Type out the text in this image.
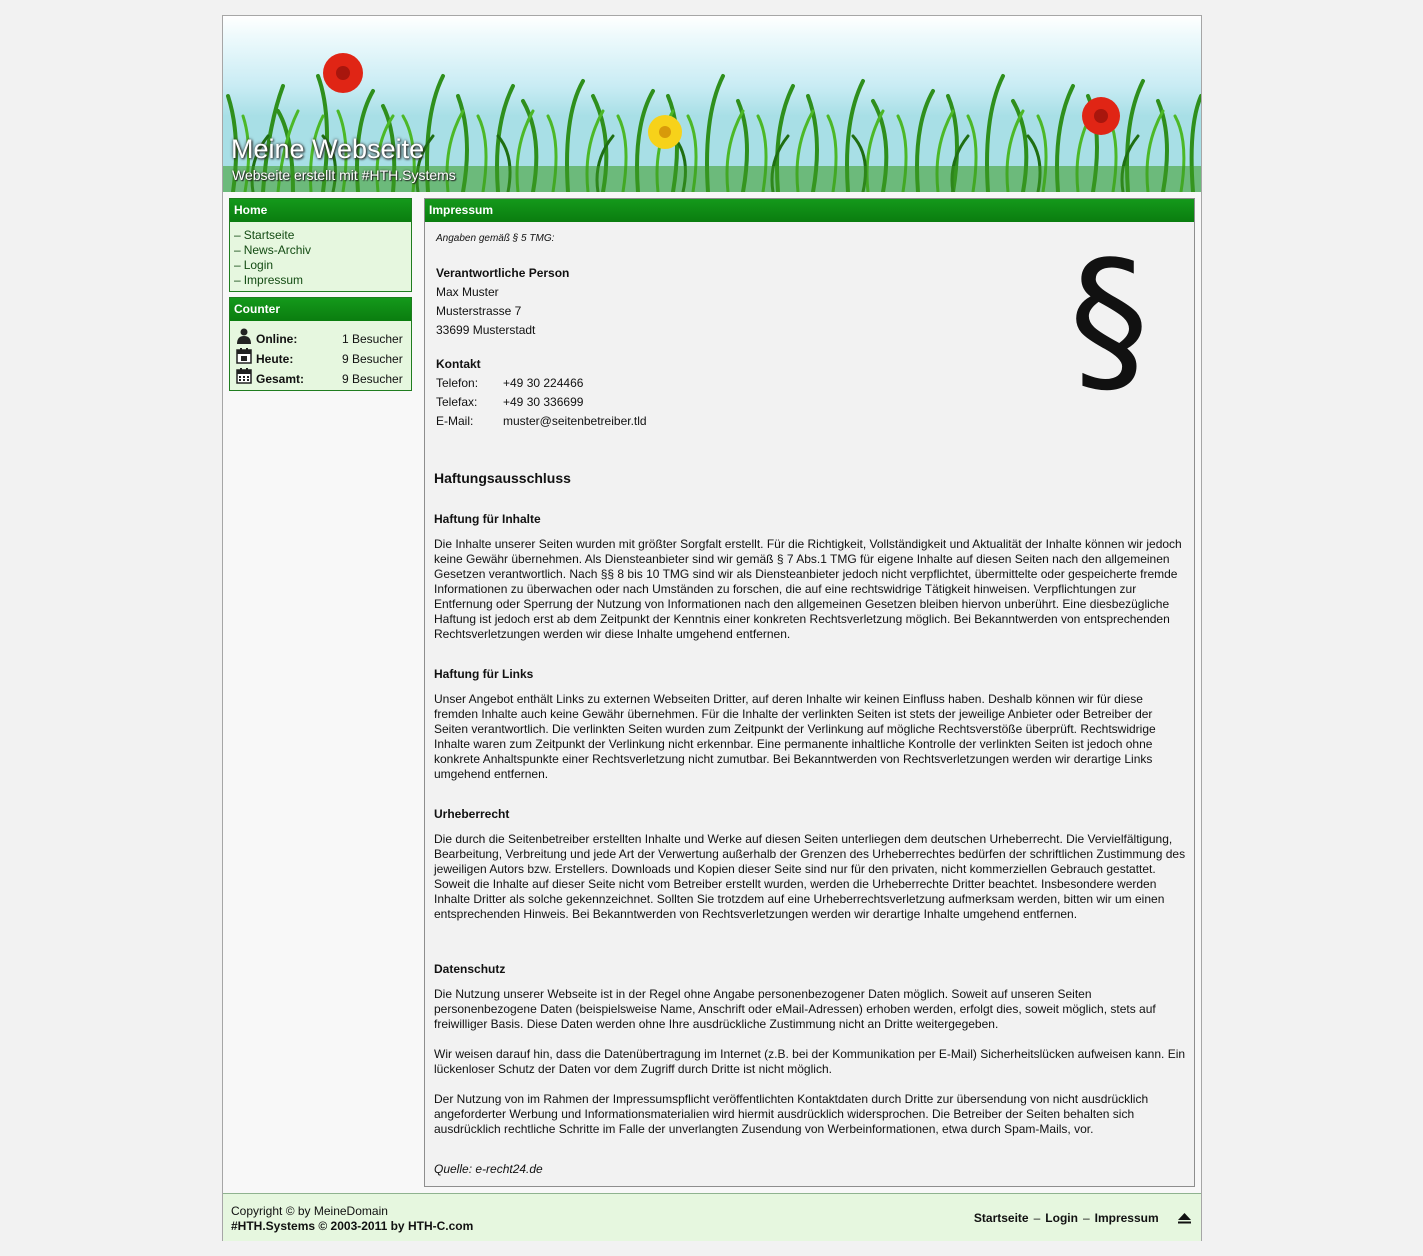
Meine Webseite
Webseite erstellt mit #HTH.Systems
Home
– Startseite
– News-Archiv
– Login
– Impressum
Counter
Online:	1 Besucher
Heute:	9 Besucher
Gesamt:	9 Besucher
Impressum
Angaben gemäß § 5 TMG:
Verantwortliche Person
Max Muster
Musterstrasse 7
33699 Musterstadt
Kontakt
Telefon: +49 30 224466
Telefax: +49 30 336699
E-Mail: muster@seitenbetreiber.tld
§
Haftungsausschluss
Haftung für Inhalte
Die Inhalte unserer Seiten wurden mit größter Sorgfalt erstellt. Für die Richtigkeit, Vollständigkeit und Aktualität der Inhalte können wir jedoch keine Gewähr übernehmen. Als Diensteanbieter sind wir gemäß § 7 Abs.1 TMG für eigene Inhalte auf diesen Seiten nach den allgemeinen Gesetzen verantwortlich. Nach §§ 8 bis 10 TMG sind wir als Diensteanbieter jedoch nicht verpflichtet, übermittelte oder gespeicherte fremde Informationen zu überwachen oder nach Umständen zu forschen, die auf eine rechtswidrige Tätigkeit hinweisen. Verpflichtungen zur Entfernung oder Sperrung der Nutzung von Informationen nach den allgemeinen Gesetzen bleiben hiervon unberührt. Eine diesbezügliche Haftung ist jedoch erst ab dem Zeitpunkt der Kenntnis einer konkreten Rechtsverletzung möglich. Bei Bekanntwerden von entsprechenden Rechtsverletzungen werden wir diese Inhalte umgehend entfernen.
Haftung für Links
Unser Angebot enthält Links zu externen Webseiten Dritter, auf deren Inhalte wir keinen Einfluss haben. Deshalb können wir für diese fremden Inhalte auch keine Gewähr übernehmen. Für die Inhalte der verlinkten Seiten ist stets der jeweilige Anbieter oder Betreiber der Seiten verantwortlich. Die verlinkten Seiten wurden zum Zeitpunkt der Verlinkung auf mögliche Rechtsverstöße überprüft. Rechtswidrige Inhalte waren zum Zeitpunkt der Verlinkung nicht erkennbar. Eine permanente inhaltliche Kontrolle der verlinkten Seiten ist jedoch ohne konkrete Anhaltspunkte einer Rechtsverletzung nicht zumutbar. Bei Bekanntwerden von Rechtsverletzungen werden wir derartige Links umgehend entfernen.
Urheberrecht
Die durch die Seitenbetreiber erstellten Inhalte und Werke auf diesen Seiten unterliegen dem deutschen Urheberrecht. Die Vervielfältigung, Bearbeitung, Verbreitung und jede Art der Verwertung außerhalb der Grenzen des Urheberrechtes bedürfen der schriftlichen Zustimmung des jeweiligen Autors bzw. Erstellers. Downloads und Kopien dieser Seite sind nur für den privaten, nicht kommerziellen Gebrauch gestattet. Soweit die Inhalte auf dieser Seite nicht vom Betreiber erstellt wurden, werden die Urheberrechte Dritter beachtet. Insbesondere werden Inhalte Dritter als solche gekennzeichnet. Sollten Sie trotzdem auf eine Urheberrechtsverletzung aufmerksam werden, bitten wir um einen entsprechenden Hinweis. Bei Bekanntwerden von Rechtsverletzungen werden wir derartige Inhalte umgehend entfernen.
Datenschutz
Die Nutzung unserer Webseite ist in der Regel ohne Angabe personenbezogener Daten möglich. Soweit auf unseren Seiten personenbezogene Daten (beispielsweise Name, Anschrift oder eMail-Adressen) erhoben werden, erfolgt dies, soweit möglich, stets auf freiwilliger Basis. Diese Daten werden ohne Ihre ausdrückliche Zustimmung nicht an Dritte weitergegeben.
Wir weisen darauf hin, dass die Datenübertragung im Internet (z.B. bei der Kommunikation per E-Mail) Sicherheitslücken aufweisen kann. Ein lückenloser Schutz der Daten vor dem Zugriff durch Dritte ist nicht möglich.
Der Nutzung von im Rahmen der Impressumspflicht veröffentlichten Kontaktdaten durch Dritte zur übersendung von nicht ausdrücklich angeforderter Werbung und Informationsmaterialien wird hiermit ausdrücklich widersprochen. Die Betreiber der Seiten behalten sich ausdrücklich rechtliche Schritte im Falle der unverlangten Zusendung von Werbeinformationen, etwa durch Spam-Mails, vor.
Quelle: e-recht24.de
Copyright © by MeineDomain
#HTH.Systems © 2003-2011 by HTH-C.com
Startseite – Login – Impressum
